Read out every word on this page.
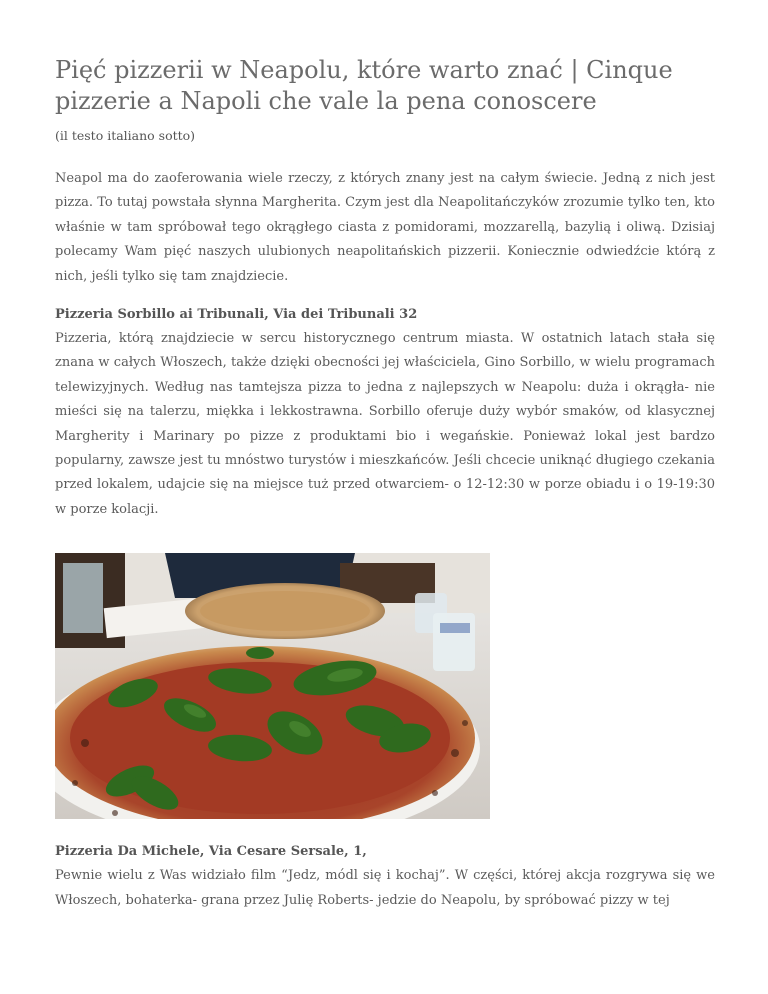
Pięć pizzerii w Neapolu, które warto znać | Cinque pizzerie a Napoli che vale la pena conoscere

(il testo italiano sotto)

Neapol ma do zaoferowania wiele rzeczy, z których znany jest na całym świecie. Jedną z nich jest pizza. To tutaj powstała słynna Margherita. Czym jest dla Neapolitańczyków zrozumie tylko ten, kto właśnie w tam spróbował tego okrągłego ciasta z pomidorami, mozzarellą, bazylią i oliwą. Dzisiaj polecamy Wam pięć naszych ulubionych neapolitańskich pizzerii. Koniecznie odwiedźcie którą z nich, jeśli tylko się tam znajdziecie.

Pizzeria Sorbillo ai Tribunali, Via dei Tribunali 32

Pizzeria, którą znajdziecie w sercu historycznego centrum miasta. W ostatnich latach stała się znana w całych Włoszech, także dzięki obecności jej właściciela, Gino Sorbillo, w wielu programach telewizyjnych. Według nas tamtejsza pizza to jedna z najlepszych w Neapolu: duża i okrągła- nie mieści się na talerzu, miękka i lekkostrawna. Sorbillo oferuje duży wybór smaków, od klasycznej Margherity i Marinary po pizze z produktami bio i wegańskie. Ponieważ lokal jest bardzo popularny, zawsze jest tu mnóstwo turystów i mieszkańców. Jeśli chcecie uniknąć długiego czekania przed lokalem, udajcie się na miejsce tuż przed otwarciem- o 12-12:30 w porze obiadu i o 19-19:30 w porze kolacji.

Pizzeria Da Michele, Via Cesare Sersale, 1,

Pewnie wielu z Was widziało film “Jedz, módl się i kochaj”. W części, której akcja rozgrywa się we Włoszech, bohaterka- grana przez Julię Roberts- jedzie do Neapolu, by spróbować pizzy w tej
